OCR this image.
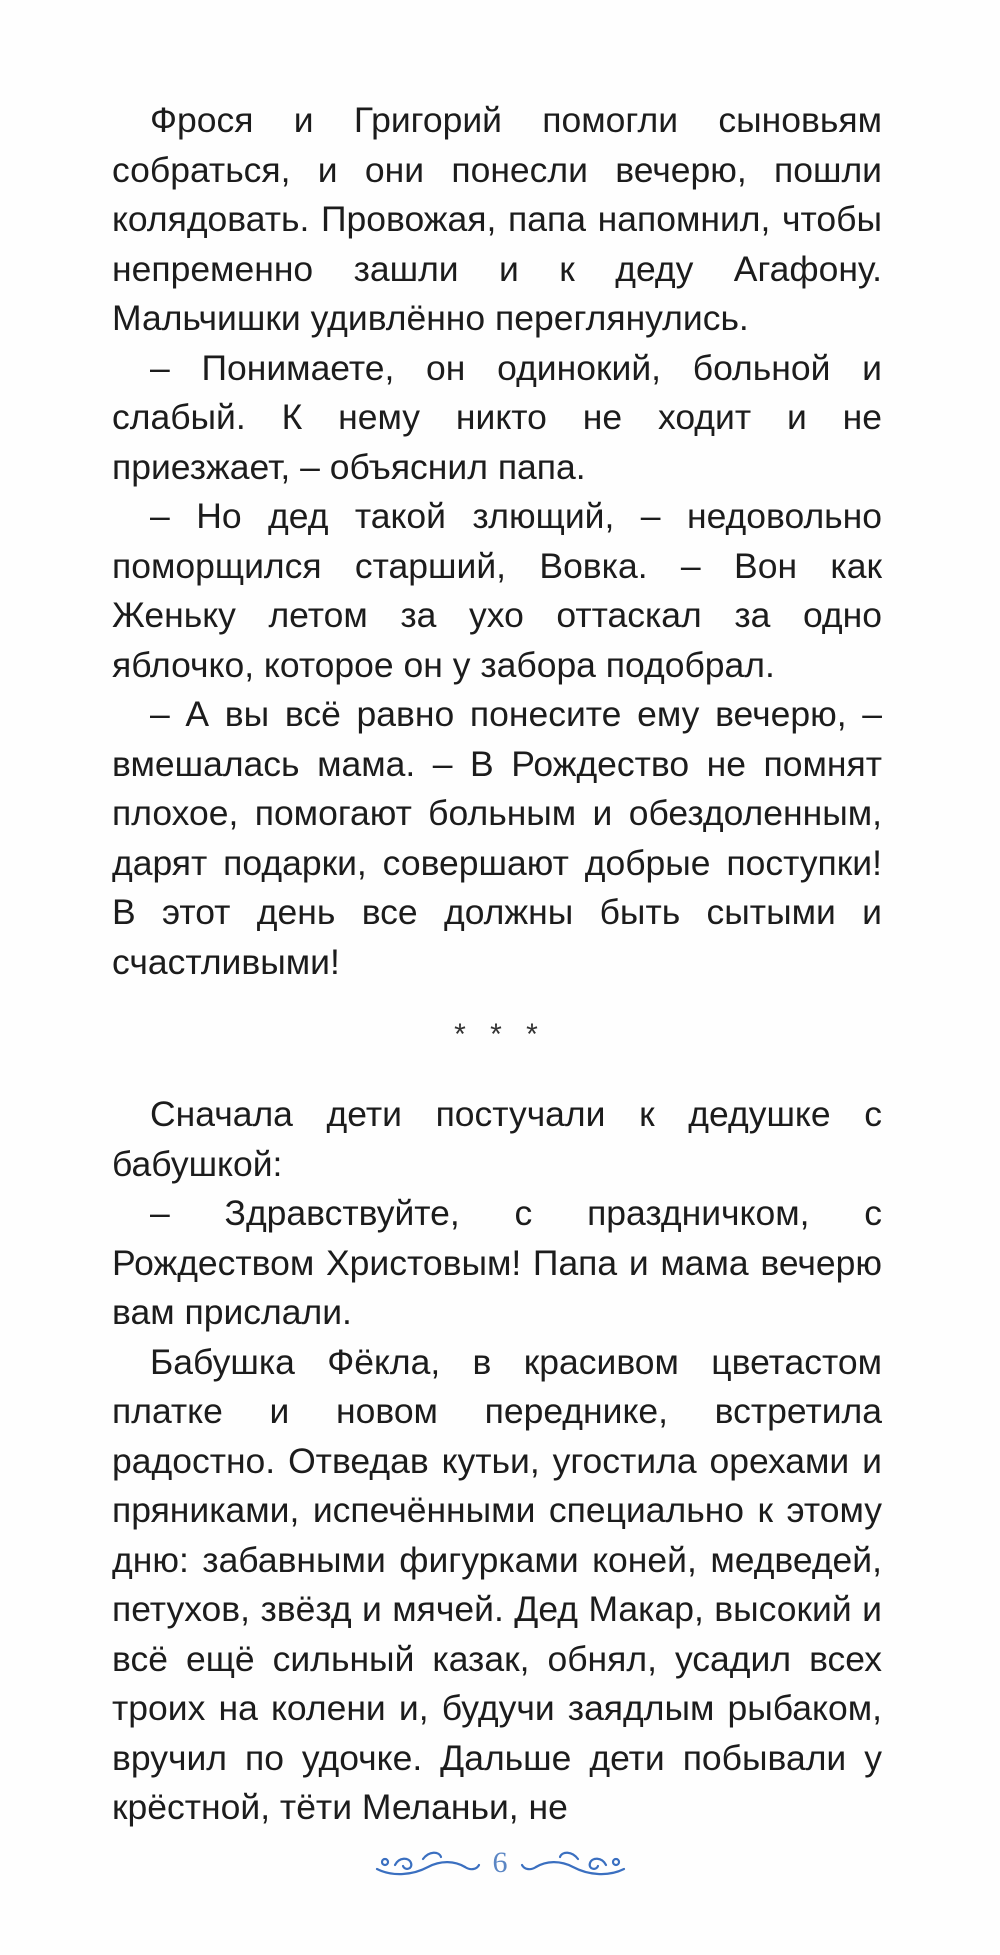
Фрося и Григорий помогли сыновьям собраться, и они понесли вечерю, пошли колядовать. Провожая, папа напомнил, чтобы непременно зашли и к деду Агафону. Мальчишки удивлённо переглянулись.

– Понимаете, он одинокий, больной и слабый. К нему никто не ходит и не приезжает, – объяснил папа.

– Но дед такой злющий, – недовольно поморщился старший, Вовка. – Вон как Женьку летом за ухо оттаскал за одно яблочко, которое он у забора подобрал.

– А вы всё равно понесите ему вечерю, – вмешалась мама. – В Рождество не помнят плохое, помогают больным и обездоленным, дарят подарки, совершают добрые поступки! В этот день все должны быть сытыми и счастливыми!

* * *

Сначала дети постучали к дедушке с бабушкой:

– Здравствуйте, с праздничком, с Рождеством Христовым! Папа и мама вечерю вам прислали.

Бабушка Фёкла, в красивом цветастом платке и новом переднике, встретила радостно. Отведав кутьи, угостила орехами и пряниками, испечёнными специально к этому дню: забавными фигурками коней, медведей, петухов, звёзд и мячей. Дед Макар, высокий и всё ещё сильный казак, обнял, усадил всех троих на колени и, будучи заядлым рыбаком, вручил по удочке. Дальше дети побывали у крёстной, тёти Меланьи, не

6
